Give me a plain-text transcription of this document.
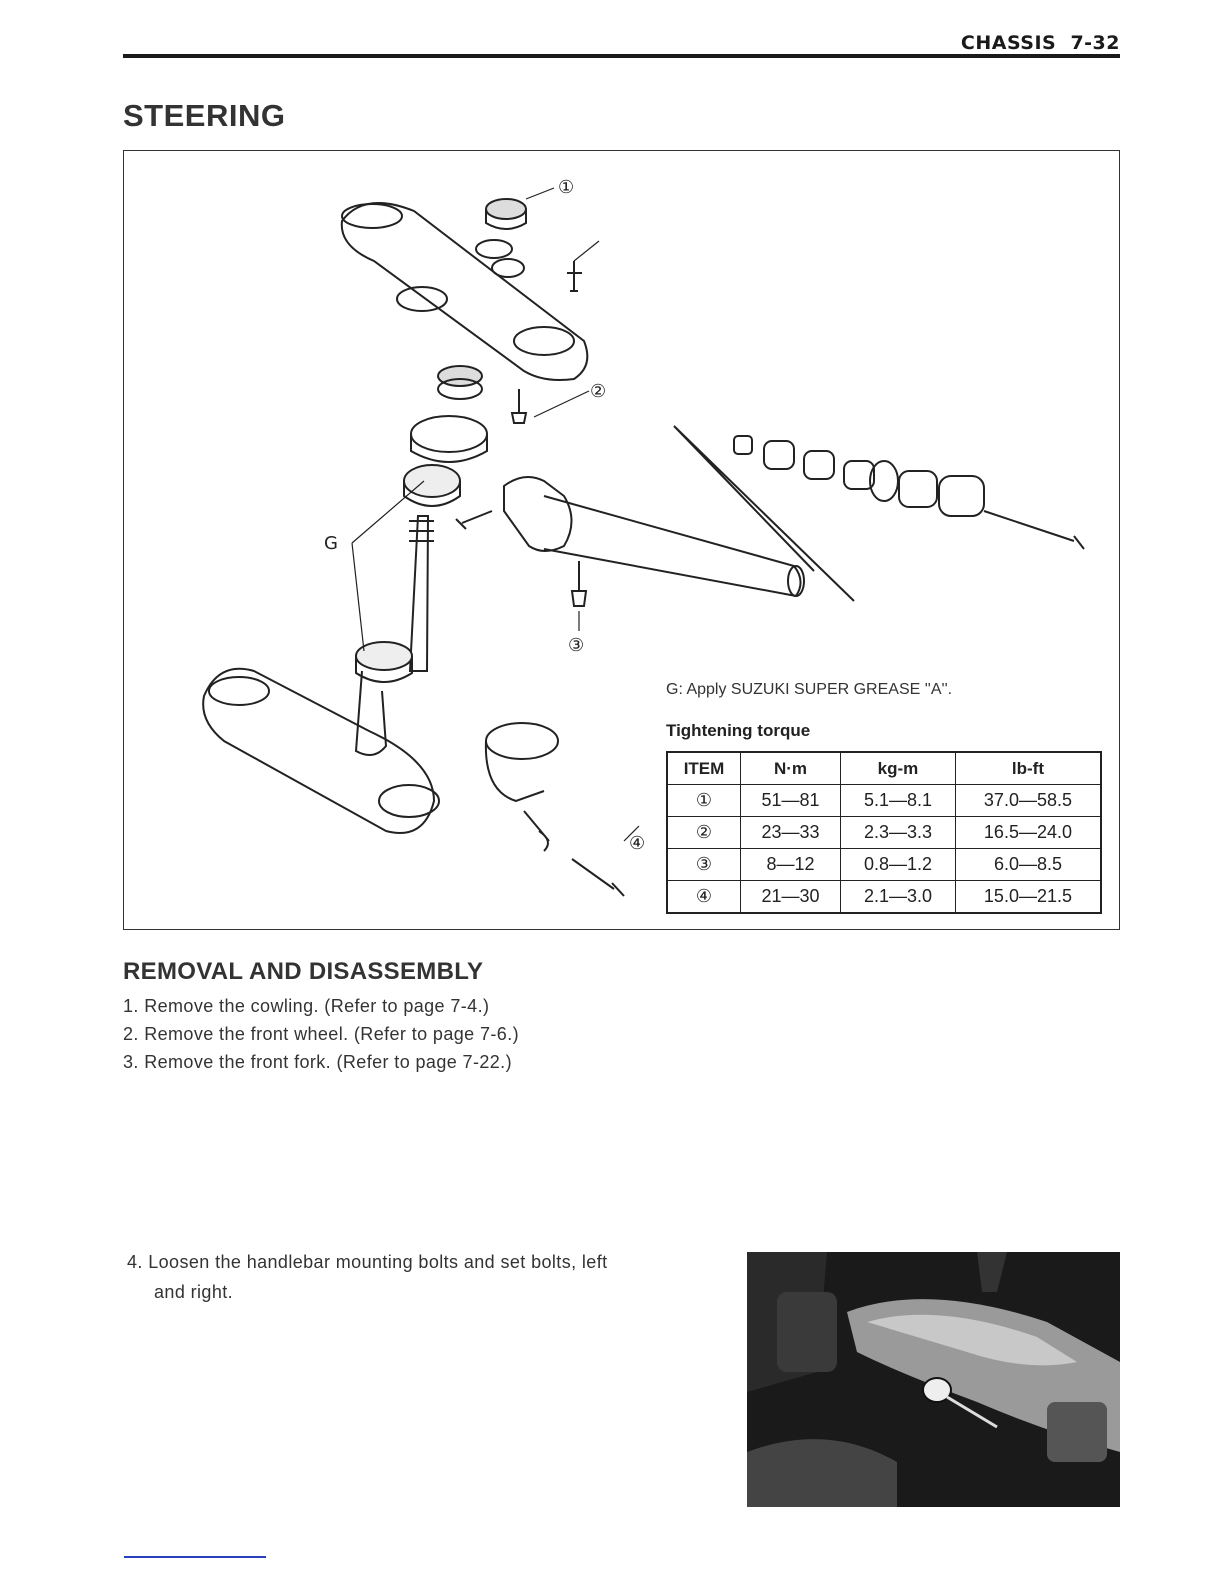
CHASSIS 7-32
STEERING
①
②
③
④
G

G: Apply SUZUKI SUPER GREASE ''A''.

Tightening torque

ITEM	N·m	kg-m	lb-ft
①	51—81	5.1—8.1	37.0—58.5
②	23—33	2.3—3.3	16.5—24.0
③	8—12	0.8—1.2	6.0—8.5
④	21—30	2.1—3.0	15.0—21.5
REMOVAL AND DISASSEMBLY
1. Remove the cowling. (Refer to page 7-4.)
2. Remove the front wheel. (Refer to page 7-6.)
3. Remove the front fork. (Refer to page 7-22.)
4. Loosen the handlebar mounting bolts and set bolts, left
and right.
